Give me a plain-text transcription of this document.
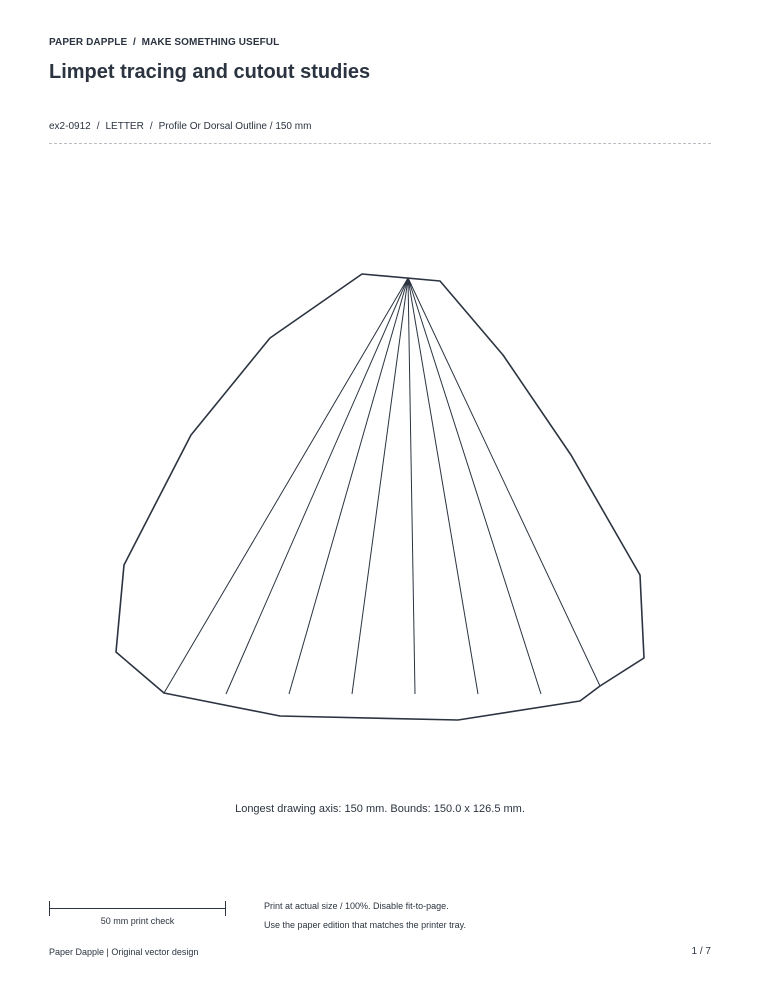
PAPER DAPPLE  /  MAKE SOMETHING USEFUL
Limpet tracing and cutout studies
ex2-0912 / LETTER / Profile Or Dorsal Outline / 150 mm
Longest drawing axis: 150 mm. Bounds: 150.0 x 126.5 mm.
50 mm print check
Print at actual size / 100%. Disable fit-to-page.
Use the paper edition that matches the printer tray.
Paper Dapple | Original vector design	1 / 7
